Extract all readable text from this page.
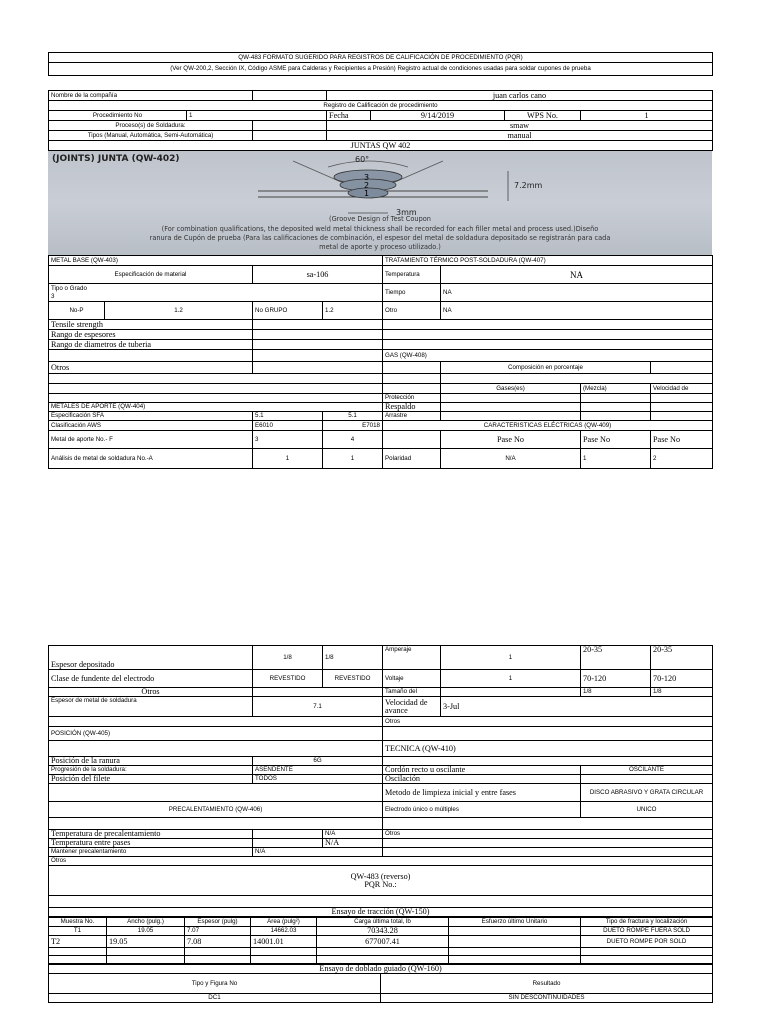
QW-483 FORMATO SUGERIDO PARA REGISTROS DE CALIFICACIÓN DE PROCEDIMIENTO (PQR)
(Ver QW-200,2, Sección IX, Código ASME para Calderas y Recipientes a Presión) Registro actual de condiciones usadas para soldar cupones de prueba
Nombre de la compañía			juan carlos cano			
Registro de Calificación de procedimiento						
Procedimiento No	1		Fecha	9/14/2019	WPS No.	1
Proceso(s) de Soldadura:			smaw			
Tipos (Manual, Automática, Semi-Automática)			manual			
JUNTAS QW 402						
(JOINTS) JUNTA (QW-402)
3
2
1
60°
7.2mm
3mm
(Groove Design of Test Coupon
(For combination qualifications, the deposited weld metal thickness shall be recorded for each filler metal and process used.)Diseño
ranura de Cupón de prueba (Para las calificaciones de combinación, el espesor del metal de soldadura depositado se registrarán para cada
metal de aporte y proceso utilizado.)
METAL BASE (QW-403)				TRATAMIENTO TÉRMICO POST-SOLDADURA (QW-407)			
Especificación de material		sa-106		Temperatura	NA		

Tipo o Grado
3				Tiempo	NA		
No-P	1.2	No GRUPO	1.2	Otro	NA		
Tensile strength							
Rango de espesores							
Rango de diametros de tuberia							
				GAS (QW-408)			
Otros					Composición en porcentaje		

					Gases(es)	(Mezcla)	Velocidad de
				Protección			
METALES DE APORTE (QW-404)				Respaldo			
Especificación SFA		5.1	5.1	Arrastre			
Clasificación AWS		E6010	E7018	CARACTERISTICAS ELÉCTRICAS (QW-409)			
Metal de aporte No.- F		3	4		Pase No	Pase No	Pase No
Análisis de metal de soldadura No.-A		1	1	Polaridad	N/A	1	2
Espesor depositado	1/8	1/8	Amperaje	1	20-35	20-35
Clase de fundente del electrodo	REVESTIDO	REVESTIDO	Voltaje	1	70-120	70-120
Otros			Tamaño del		1/8	1/8
Espesor de metal de soldadura	7.1		Velocidad de avance	3-Jul		
			Otros			
POSICIÓN (QW-405)						
			TECNICA (QW-410)			
Posición de la ranura	6G					
Progresión de la soldadura:	ASENDENTE		Cordón recto u oscilante		OSCILANTE	
Posición del filete	TODOS		Oscilación			
			Metodo de limpieza inicial y entre fases		DISCO ABRASIVO Y GRATA CIRCULAR	
PRECALENTAMIENTO (QW-406)			Electrodo único o múltiples		UNICO	

Temperatura de precalentamiento		N/A	Otros			
Temperatura entre pases		N/A				
Mantener precalentamiento	N/A					
Otros						

QW-483 (reverso)
PQR No.:						

Ensayo de tracción (QW-150)						
Muestra No.	Ancho (pulg.)	Espesor (pulg)	Área (pulg²)	Carga última total, lb	Esfuerzo último Unitario	Tipo de fractura y localización
T1	19.05	7.07	14662.03	70343.28		DUETO ROMPE FUERA SOLD
T2	19.05	7.08	14001.01	677007.41		DUETO ROMPE POR SOLD

Ensayo de doblado guiado (QW-160)	
Tipo y Figura No	Resultado
DC1	SIN DESCONTINUIDADES
